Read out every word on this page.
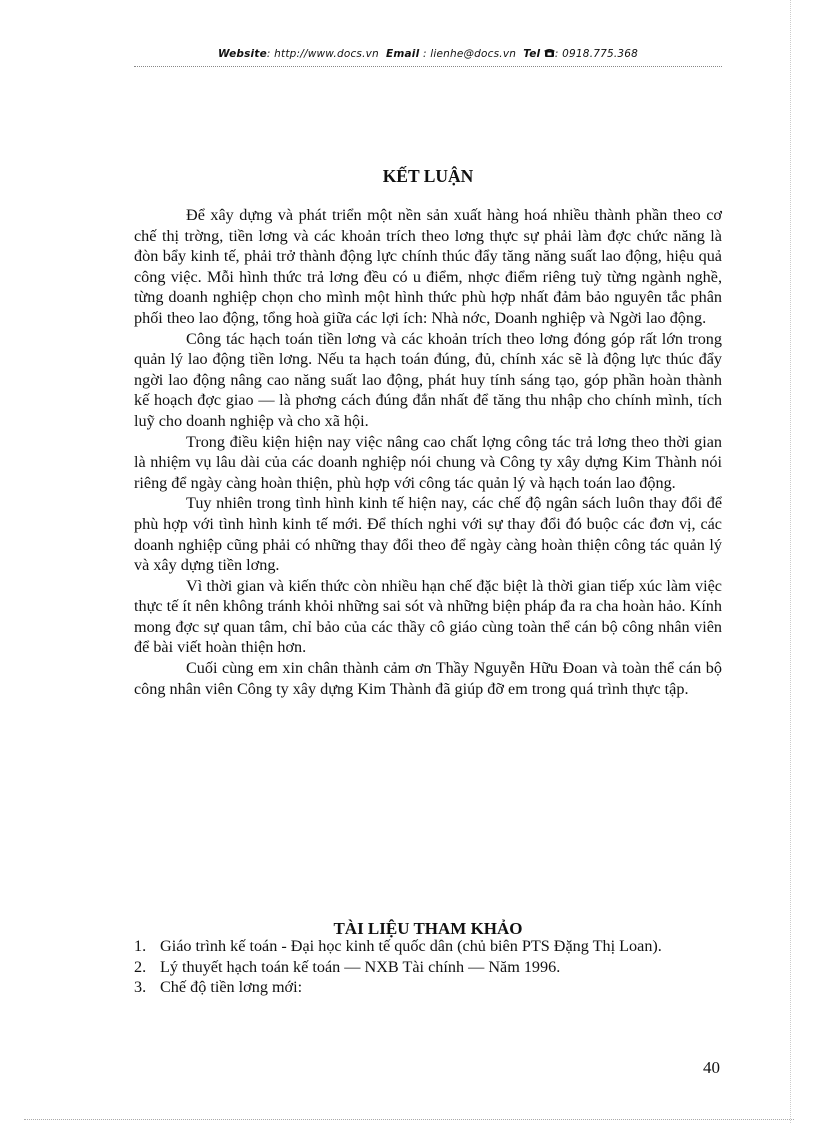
Website: http://www.docs.vn Email : lienhe@docs.vn Tel : 0918.775.368
KẾT LUẬN

Để xây dựng và phát triển một nền sản xuất hàng hoá nhiều thành phần theo cơ chế thị trờng, tiền lơng và các khoản trích theo lơng thực sự phải làm đợc chức năng là đòn bẩy kinh tế, phải trở thành động lực chính thúc đẩy tăng năng suất lao động, hiệu quả công việc. Mỗi hình thức trả lơng đều có u điểm, nhợc điểm riêng tuỳ từng ngành nghề, từng doanh nghiệp chọn cho mình một hình thức phù hợp nhất đảm bảo nguyên tắc phân phối theo lao động, tổng hoà giữa các lợi ích: Nhà nớc, Doanh nghiệp và Ngời lao động.

Công tác hạch toán tiền lơng và các khoản trích theo lơng đóng góp rất lớn trong quản lý lao động tiền lơng. Nếu ta hạch toán đúng, đủ, chính xác sẽ là động lực thúc đẩy ngời lao động nâng cao năng suất lao động, phát huy tính sáng tạo, góp phần hoàn thành kế hoạch đợc giao — là phơng cách đúng đắn nhất để tăng thu nhập cho chính mình, tích luỹ cho doanh nghiệp và cho xã hội.

Trong điều kiện hiện nay việc nâng cao chất lợng công tác trả lơng theo thời gian là nhiệm vụ lâu dài của các doanh nghiệp nói chung và Công ty xây dựng Kim Thành nói riêng để ngày càng hoàn thiện, phù hợp với công tác quản lý và hạch toán lao động.

Tuy nhiên trong tình hình kinh tế hiện nay, các chế độ ngân sách luôn thay đổi để phù hợp với tình hình kinh tế mới. Để thích nghi với sự thay đổi đó buộc các đơn vị, các doanh nghiệp cũng phải có những thay đổi theo để ngày càng hoàn thiện công tác quản lý và xây dựng tiền lơng.

Vì thời gian và kiến thức còn nhiều hạn chế đặc biệt là thời gian tiếp xúc làm việc thực tế ít nên không tránh khỏi những sai sót và những biện pháp đa ra cha hoàn hảo. Kính mong đợc sự quan tâm, chỉ bảo của các thầy cô giáo cùng toàn thể cán bộ công nhân viên để bài viết hoàn thiện hơn.

Cuối cùng em xin chân thành cảm ơn Thầy Nguyễn Hữu Đoan và toàn thể cán bộ công nhân viên Công ty xây dựng Kim Thành đã giúp đỡ em trong quá trình thực tập.

TÀI LIỆU THAM KHẢO
1. Giáo trình kế toán - Đại học kinh tế quốc dân (chủ biên PTS Đặng Thị Loan).
2. Lý thuyết hạch toán kế toán — NXB Tài chính — Năm 1996.
3. Chế độ tiền lơng mới:
40
